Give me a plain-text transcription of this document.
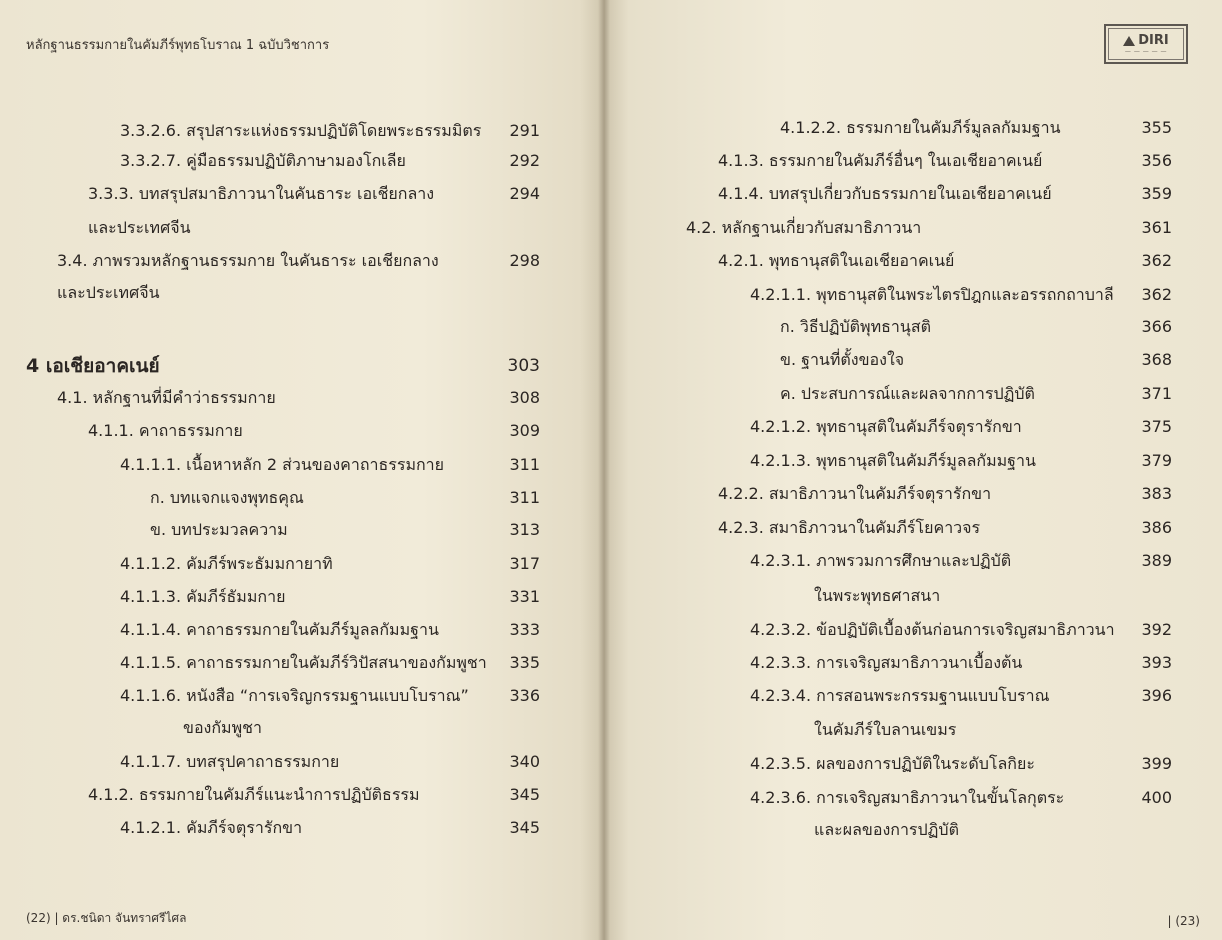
หลักฐานธรรมกายในคัมภีร์พุทธโบราณ 1 ฉบับวิชาการ
3.3.2.6. สรุปสาระแห่งธรรมปฏิบัติโดยพระธรรมมิตร	291
3.3.2.7. คู่มือธรรมปฏิบัติภาษามองโกเลีย	292
3.3.3. บทสรุปสมาธิภาวนาในคันธาระ เอเชียกลาง	294
และประเทศจีน
3.4. ภาพรวมหลักฐานธรรมกาย ในคันธาระ เอเชียกลาง	298
และประเทศจีน
4 เอเชียอาคเนย์	303
4.1. หลักฐานที่มีคำว่าธรรมกาย	308
4.1.1. คาถาธรรมกาย	309
4.1.1.1. เนื้อหาหลัก 2 ส่วนของคาถาธรรมกาย	311
ก. บทแจกแจงพุทธคุณ	311
ข. บทประมวลความ	313
4.1.1.2. คัมภีร์พระธัมมกายาทิ	317
4.1.1.3. คัมภีร์ธัมมกาย	331
4.1.1.4. คาถาธรรมกายในคัมภีร์มูลลกัมมฐาน	333
4.1.1.5. คาถาธรรมกายในคัมภีร์วิปัสสนาของกัมพูชา	335
4.1.1.6. หนังสือ “การเจริญกรรมฐานแบบโบราณ”	336
ของกัมพูชา
4.1.1.7. บทสรุปคาถาธรรมกาย	340
4.1.2. ธรรมกายในคัมภีร์แนะนำการปฏิบัติธรรม	345
4.1.2.1. คัมภีร์จตุรารักขา	345
(22) | ดร.ชนิดา จันทราศรีไศล
DIRI
— — — — —
4.1.2.2. ธรรมกายในคัมภีร์มูลลกัมมฐาน	355
4.1.3. ธรรมกายในคัมภีร์อื่นๆ ในเอเชียอาคเนย์	356
4.1.4. บทสรุปเกี่ยวกับธรรมกายในเอเชียอาคเนย์	359
4.2. หลักฐานเกี่ยวกับสมาธิภาวนา	361
4.2.1. พุทธานุสติในเอเชียอาคเนย์	362
4.2.1.1. พุทธานุสติในพระไตรปิฎกและอรรถกถาบาลี	362
ก. วิธีปฏิบัติพุทธานุสติ	366
ข. ฐานที่ตั้งของใจ	368
ค. ประสบการณ์และผลจากการปฏิบัติ	371
4.2.1.2. พุทธานุสติในคัมภีร์จตุรารักขา	375
4.2.1.3. พุทธานุสติในคัมภีร์มูลลกัมมฐาน	379
4.2.2. สมาธิภาวนาในคัมภีร์จตุรารักขา	383
4.2.3. สมาธิภาวนาในคัมภีร์โยคาวจร	386
4.2.3.1. ภาพรวมการศึกษาและปฏิบัติ	389
ในพระพุทธศาสนา
4.2.3.2. ข้อปฏิบัติเบื้องต้นก่อนการเจริญสมาธิภาวนา	392
4.2.3.3. การเจริญสมาธิภาวนาเบื้องต้น	393
4.2.3.4. การสอนพระกรรมฐานแบบโบราณ	396
ในคัมภีร์ใบลานเขมร
4.2.3.5. ผลของการปฏิบัติในระดับโลกิยะ	399
4.2.3.6. การเจริญสมาธิภาวนาในขั้นโลกุตระ	400
และผลของการปฏิบัติ
| (23)
